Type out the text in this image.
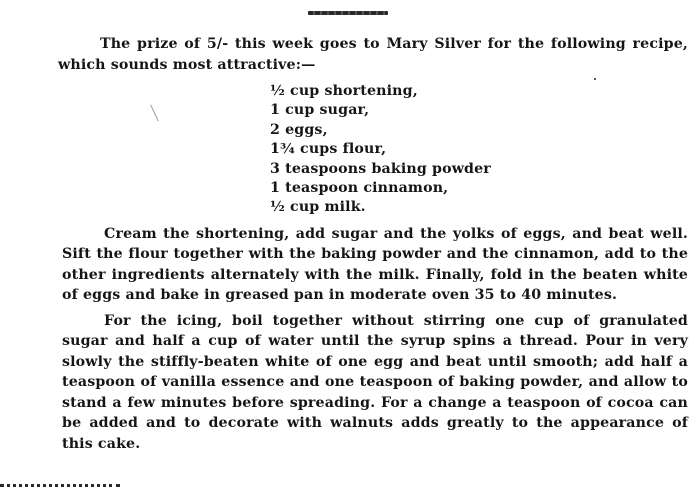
The prize of 5/- this week goes to Mary Silver for the following recipe, which sounds most attractive:—

½ cup shortening,
1 cup sugar,
2 eggs,
1¾ cups flour,
3 teaspoons baking powder
1 teaspoon cinnamon,
½ cup milk.

Cream the shortening, add sugar and the yolks of eggs, and beat well. Sift the flour together with the baking powder and the cinnamon, add to the other ingredients alternately with the milk. Finally, fold in the beaten white of eggs and bake in greased pan in moderate oven 35 to 40 minutes.

For the icing, boil together without stirring one cup of granulated sugar and half a cup of water until the syrup spins a thread. Pour in very slowly the stiffly-beaten white of one egg and beat until smooth; add half a teaspoon of vanilla essence and one teaspoon of baking powder, and allow to stand a few minutes before spreading. For a change a teaspoon of cocoa can be added and to decorate with walnuts adds greatly to the appearance of this cake.
